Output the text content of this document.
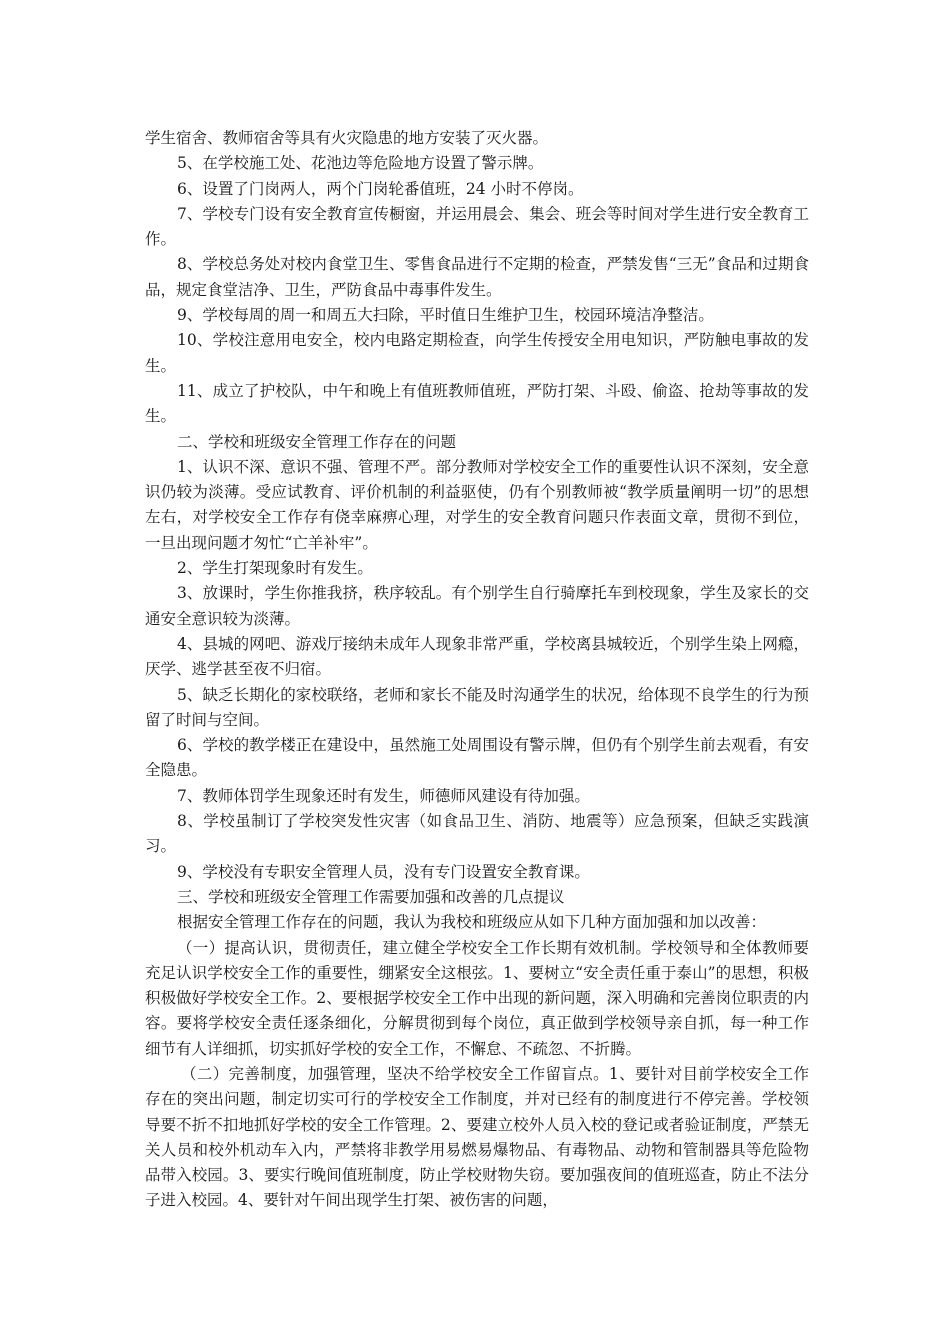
学生宿舍、教师宿舍等具有火灾隐患的地方安装了灭火器。

5、在学校施工处、花池边等危险地方设置了警示牌。

6、设置了门岗两人，两个门岗轮番值班，24 小时不停岗。

7、学校专门设有安全教育宣传橱窗，并运用晨会、集会、班会等时间对学生进行安全教育工作。

8、学校总务处对校内食堂卫生、零售食品进行不定期的检查，严禁发售“三无”食品和过期食品，规定食堂洁净、卫生，严防食品中毒事件发生。

9、学校每周的周一和周五大扫除，平时值日生维护卫生，校园环境洁净整洁。

10、学校注意用电安全，校内电路定期检查，向学生传授安全用电知识，严防触电事故的发生。

11、成立了护校队，中午和晚上有值班教师值班，严防打架、斗殴、偷盗、抢劫等事故的发生。

二、学校和班级安全管理工作存在的问题

1、认识不深、意识不强、管理不严。部分教师对学校安全工作的重要性认识不深刻，安全意识仍较为淡薄。受应试教育、评价机制的利益驱使，仍有个别教师被“教学质量阐明一切”的思想左右，对学校安全工作存有侥幸麻痹心理，对学生的安全教育问题只作表面文章，贯彻不到位，一旦出现问题才匆忙“亡羊补牢”。

2、学生打架现象时有发生。

3、放课时，学生你推我挤，秩序较乱。有个别学生自行骑摩托车到校现象，学生及家长的交通安全意识较为淡薄。

4、县城的网吧、游戏厅接纳未成年人现象非常严重，学校离县城较近，个别学生染上网瘾，厌学、逃学甚至夜不归宿。

5、缺乏长期化的家校联络，老师和家长不能及时沟通学生的状况，给体现不良学生的行为预留了时间与空间。

6、学校的教学楼正在建设中，虽然施工处周围设有警示牌，但仍有个别学生前去观看，有安全隐患。

7、教师体罚学生现象还时有发生，师德师风建设有待加强。

8、学校虽制订了学校突发性灾害（如食品卫生、消防、地震等）应急预案，但缺乏实践演习。

9、学校没有专职安全管理人员，没有专门设置安全教育课。

三、学校和班级安全管理工作需要加强和改善的几点提议

根据安全管理工作存在的问题，我认为我校和班级应从如下几种方面加强和加以改善：

（一）提高认识，贯彻责任，建立健全学校安全工作长期有效机制。学校领导和全体教师要充足认识学校安全工作的重要性，绷紧安全这根弦。1、要树立“安全责任重于泰山”的思想，积极积极做好学校安全工作。2、要根据学校安全工作中出现的新问题，深入明确和完善岗位职责的内容。要将学校安全责任逐条细化，分解贯彻到每个岗位，真正做到学校领导亲自抓，每一种工作细节有人详细抓，切实抓好学校的安全工作，不懈怠、不疏忽、不折腾。

（二）完善制度，加强管理，坚决不给学校安全工作留盲点。1、要针对目前学校安全工作存在的突出问题，制定切实可行的学校安全工作制度，并对已经有的制度进行不停完善。学校领导要不折不扣地抓好学校的安全工作管理。2、要建立校外人员入校的登记或者验证制度，严禁无关人员和校外机动车入内，严禁将非教学用易燃易爆物品、有毒物品、动物和管制器具等危险物品带入校园。3、要实行晚间值班制度，防止学校财物失窃。要加强夜间的值班巡查，防止不法分子进入校园。4、要针对午间出现学生打架、被伤害的问题，
